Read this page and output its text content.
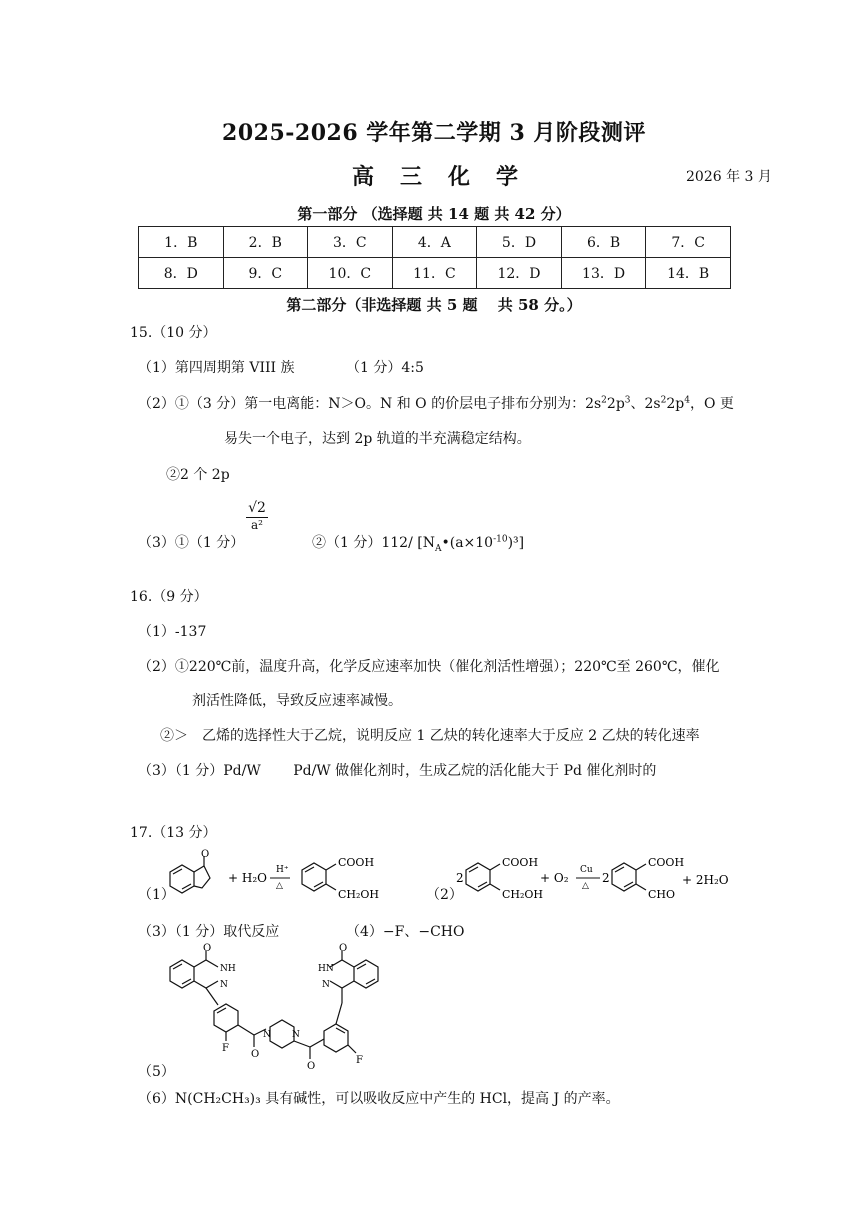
2025-2026 学年第二学期 3 月阶段测评
高三化学	2026 年 3 月
第一部分 （选择题 共 14 题 共 42 分）
1．B	2．B	3．C	4．A	5．D	6．B	7．C
8．D	9．C	10．C	11．C	12．D	13．D	14．B
第二部分（非选择题 共 5 题　 共 58 分。）
15.（10 分）
（1）第四周期第 VIII 族	（1 分）4:5
（2）①（3 分）第一电离能：N＞O。N 和 O 的价层电子排布分别为：$2s^22p^3$、$2s^22p^4$，O 更
易失一个电子，达到 2p 轨道的半充满稳定结构。
②2 个 2p
（3）①（1 分）
$\frac{√2}{\text{a²}}$
②（1 分）112/ $[N_A•(a\times 10^{-10})^3]$
16.（9 分）
（1）-137
（2）①220℃前，温度升高，化学反应速率加快（催化剂活性增强）；220℃至 260℃，催化
剂活性降低，导致反应速率减慢。
②＞　乙烯的选择性大于乙烷，说明反应 1 乙炔的转化速率大于反应 2 乙炔的转化速率
（3）（1 分）Pd/W　　 Pd/W 做催化剂时，生成乙烷的活化能大于 Pd 催化剂时的
17.（13 分）
（1）	（2）
O
+ H₂O
H⁺
△
COOH
CH₂OH
2
COOH
CH₂OH
+ O₂
Cu
△
2
COOH
CHO
+ 2H₂O
（3）（1 分）取代反应	（4）−F、−CHO
O
NH
N
F
O
N N
O
F
O
HN
N
（5）
（6）N(CH₂CH₃)₃ 具有碱性，可以吸收反应中产生的 HCl，提高 J 的产率。
